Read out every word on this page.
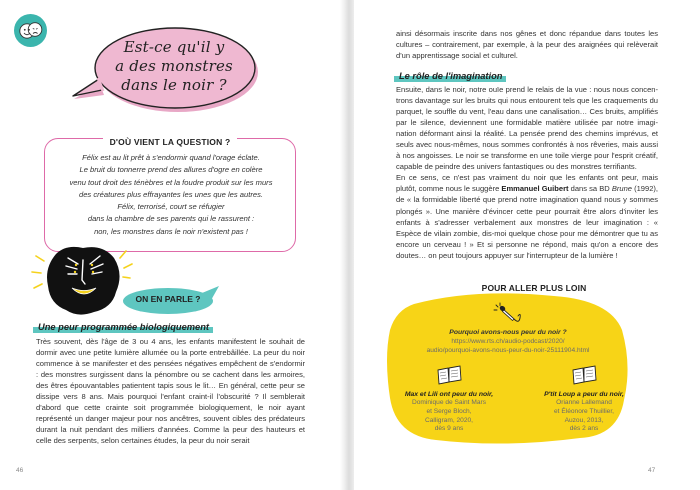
Est-ce qu'il y
a des monstres
dans le noir ?
D'OÙ VIENT LA QUESTION ?
Félix est au lit prêt à s'endormir quand l'orage éclate.
Le bruit du tonnerre prend des allures d'ogre en colère
venu tout droit des ténèbres et la foudre produit sur les murs
des créatures plus effrayantes les unes que les autres.
Félix, terrorisé, court se réfugier
dans la chambre de ses parents qui le rassurent :
non, les monstres dans le noir n'existent pas !
ON EN PARLE ?
Une peur programmée biologiquement
Très souvent, dès l'âge de 3 ou 4 ans, les enfants manifestent le souhait de dormir avec une petite lumière allumée ou la porte entrebâillée. La peur du noir commence à se manifester et des pensées négatives empêchent de s'endormir : des monstres surgissent dans la pénombre ou se cachent dans les armoires, des êtres épouvantables patientent tapis sous le lit… En général, cette peur se dissipe vers 8 ans. Mais pourquoi l'enfant craint-il l'obscurité ? Il semblerait d'abord que cette crainte soit programmée biologiquement, le noir ayant représenté un danger majeur pour nos ancêtres, souvent cibles des prédateurs durant la nuit pendant des milliers d'années. Comme la peur des hauteurs et celle des serpents, selon certaines études, la peur du noir serait
46
ainsi désormais inscrite dans nos gênes et donc répandue dans toutes les cultures – contrairement, par exemple, à la peur des araignées qui relèverait d'un apprentissage social et culturel.
Le rôle de l'imagination
Ensuite, dans le noir, notre ouïe prend le relais de la vue : nous nous concentrons davantage sur les bruits qui nous entourent tels que les craquements du parquet, le souffle du vent, l'eau dans une canalisation… Ces bruits, amplifiés par le silence, deviennent une formidable matière utilisée par notre imagination déformant ainsi la réalité. La pensée prend des chemins imprévus, et seuls avec nous-mêmes, nous sommes confrontés à nos rêveries, mais aussi à nos angoisses. Le noir se transforme en une toile vierge pour l'esprit créatif, capable de peindre des univers fantastiques ou des monstres terrifiants.
En ce sens, ce n'est pas vraiment du noir que les enfants ont peur, mais plutôt, comme nous le suggère Emmanuel Guibert dans sa BD Brune (1992), de « la formidable liberté que prend notre imagination quand nous y sommes plongés ». Une manière d'évincer cette peur pourrait être alors d'inviter les enfants à s'adresser verbalement aux monstres de leur imagination : « Espèce de vilain zombie, dis-moi quelque chose pour me démontrer que tu as encore un cerveau ! » Et si personne ne répond, mais qu'on a encore des doutes… on peut toujours appuyer sur l'interrupteur de la lumière !
POUR ALLER PLUS LOIN
Pourquoi avons-nous peur du noir ?
https://www.rts.ch/audio-podcast/2020/
audio/pourquoi-avons-nous-peur-du-noir-25111904.html
Max et Lili ont peur du noir,
Dominique de Saint Mars
et Serge Bloch,
Calligram, 2020,
dès 9 ans
P'tit Loup a peur du noir,
Orianne Lallemand
et Éléonore Thuillier,
Auzou, 2013,
dès 2 ans
47
